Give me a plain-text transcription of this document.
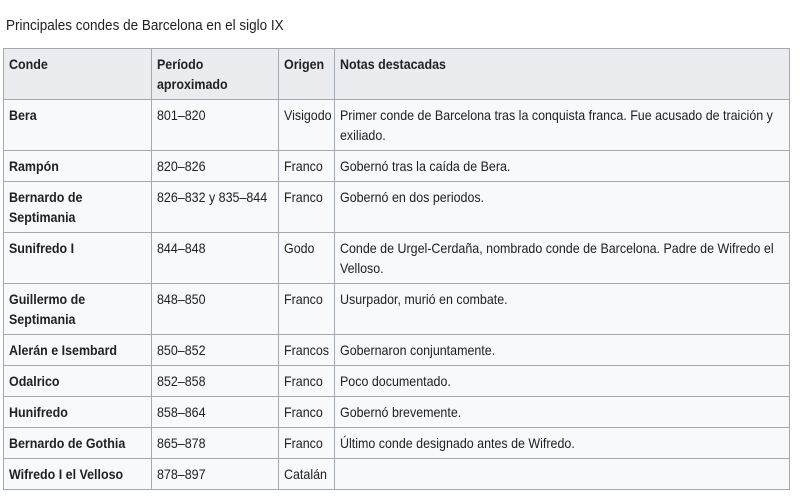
Principales condes de Barcelona en el siglo IX
Conde	Período aproximado	Origen	Notas destacadas

Bera	801–820	Visigodo	Primer conde de Barcelona tras la conquista franca. Fue acusado de traición y exiliado.

Rampón	820–826	Franco	Gobernó tras la caída de Bera.

Bernardo de Septimania	826–832 y 835–844	Franco	Gobernó en dos periodos.

Sunifredo I	844–848	Godo	Conde de Urgel-Cerdaña, nombrado conde de Barcelona. Padre de Wifredo el Velloso.

Guillermo de Septimania	848–850	Franco	Usurpador, murió en combate.

Alerán e Isembard	850–852	Francos	Gobernaron conjuntamente.

Odalrico	852–858	Franco	Poco documentado.

Hunifredo	858–864	Franco	Gobernó brevemente.

Bernardo de Gothia	865–878	Franco	Último conde designado antes de Wifredo.

Wifredo I el Velloso	878–897	Catalán	
